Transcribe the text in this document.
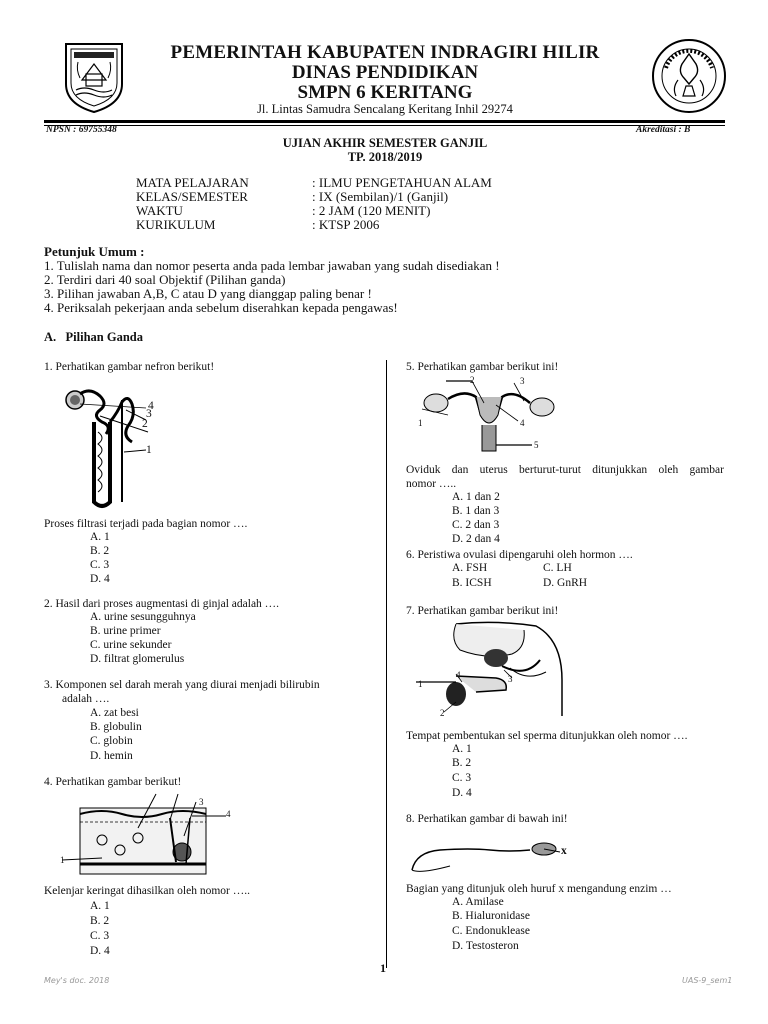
PEMERINTAH KABUPATEN INDRAGIRI HILIR
DINAS PENDIDIKAN
SMPN 6 KERITANG
Jl. Lintas Samudra Sencalang Keritang Inhil 29274
NPSN : 69755348	Akreditasi : B
UJIAN AKHIR SEMESTER GANJIL
TP. 2018/2019
MATA PELAJARAN	: ILMU PENGETAHUAN ALAM
KELAS/SEMESTER	: IX (Sembilan)/1 (Ganjil)
WAKTU	: 2 JAM (120 MENIT)
KURIKULUM	: KTSP 2006
Petunjuk Umum :
1. Tulislah nama dan nomor peserta anda pada lembar jawaban yang sudah disediakan !
2. Terdiri dari 40 soal Objektif (Pilihan ganda)
3. Pilihan jawaban A,B, C atau D yang dianggap paling benar !
4. Periksalah pekerjaan anda sebelum diserahkan kepada pengawas!
A. Pilihan Ganda
1. Perhatikan gambar nefron berikut!
3
2
1
4
Proses filtrasi terjadi pada bagian nomor ….
A. 1
B. 2
C. 3
D. 4
2. Hasil dari proses augmentasi di ginjal adalah ….
A. urine sesungguhnya
B. urine primer
C. urine sekunder
D. filtrat glomerulus
3. Komponen sel darah merah yang diurai menjadi bilirubin
adalah ….
A. zat besi
B. globulin
C. globin
D. hemin
4. Perhatikan gambar berikut!
3
4
1
Kelenjar keringat dihasilkan oleh nomor …..
A. 1
B. 2
C. 3
D. 4
5. Perhatikan gambar berikut ini!
3
2
1	4
5
Oviduk dan uterus berturut-turut ditunjukkan oleh gambar
nomor …..
A. 1 dan 2
B. 1 dan 3
C. 2 dan 3
D. 2 dan 4
6. Peristiwa ovulasi dipengaruhi oleh hormon ….
A. FSH	C. LH
B. ICSH	D. GnRH
7. Perhatikan gambar berikut ini!
1
2
3
4
Tempat pembentukan sel sperma ditunjukkan oleh nomor ….
A. 1
B. 2
C. 3
D. 4
8. Perhatikan gambar di bawah ini!
x
Bagian yang ditunjuk oleh huruf x mengandung enzim …
A. Amilase
B. Hialuronidase
C. Endonuklease
D. Testosteron
1
Mey's doc. 2018	UAS-9_sem1
